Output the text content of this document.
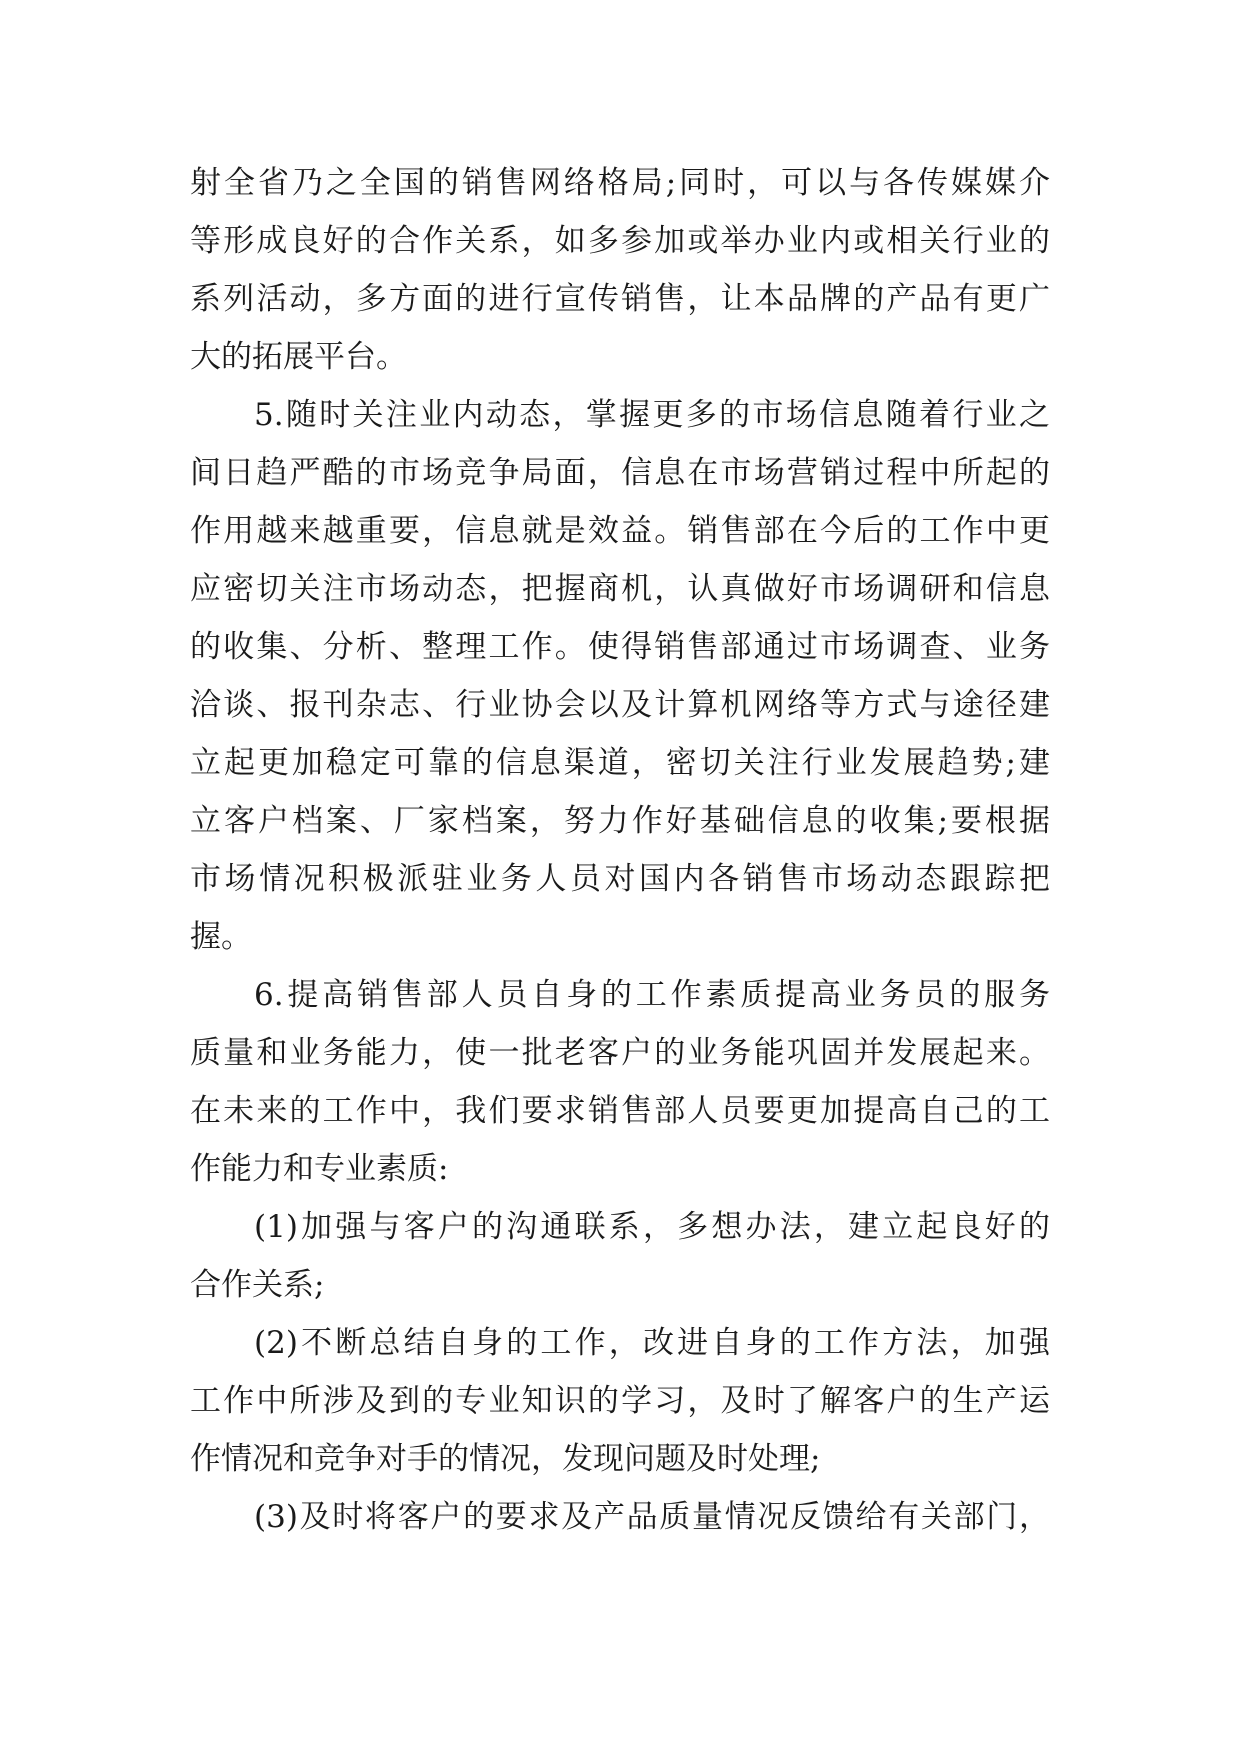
射全省乃之全国的销售网络格局;同时，可以与各传媒媒介
等形成良好的合作关系，如多参加或举办业内或相关行业的
系列活动，多方面的进行宣传销售，让本品牌的产品有更广
大的拓展平台。
5.随时关注业内动态，掌握更多的市场信息随着行业之
间日趋严酷的市场竞争局面，信息在市场营销过程中所起的
作用越来越重要，信息就是效益。销售部在今后的工作中更
应密切关注市场动态，把握商机，认真做好市场调研和信息
的收集、分析、整理工作。使得销售部通过市场调查、业务
洽谈、报刊杂志、行业协会以及计算机网络等方式与途径建
立起更加稳定可靠的信息渠道，密切关注行业发展趋势;建
立客户档案、厂家档案，努力作好基础信息的收集;要根据
市场情况积极派驻业务人员对国内各销售市场动态跟踪把
握。
6.提高销售部人员自身的工作素质提高业务员的服务
质量和业务能力，使一批老客户的业务能巩固并发展起来。
在未来的工作中，我们要求销售部人员要更加提高自己的工
作能力和专业素质:
(1)加强与客户的沟通联系，多想办法，建立起良好的
合作关系;
(2)不断总结自身的工作，改进自身的工作方法，加强
工作中所涉及到的专业知识的学习，及时了解客户的生产运
作情况和竞争对手的情况，发现问题及时处理;
(3)及时将客户的要求及产品质量情况反馈给有关部门，
